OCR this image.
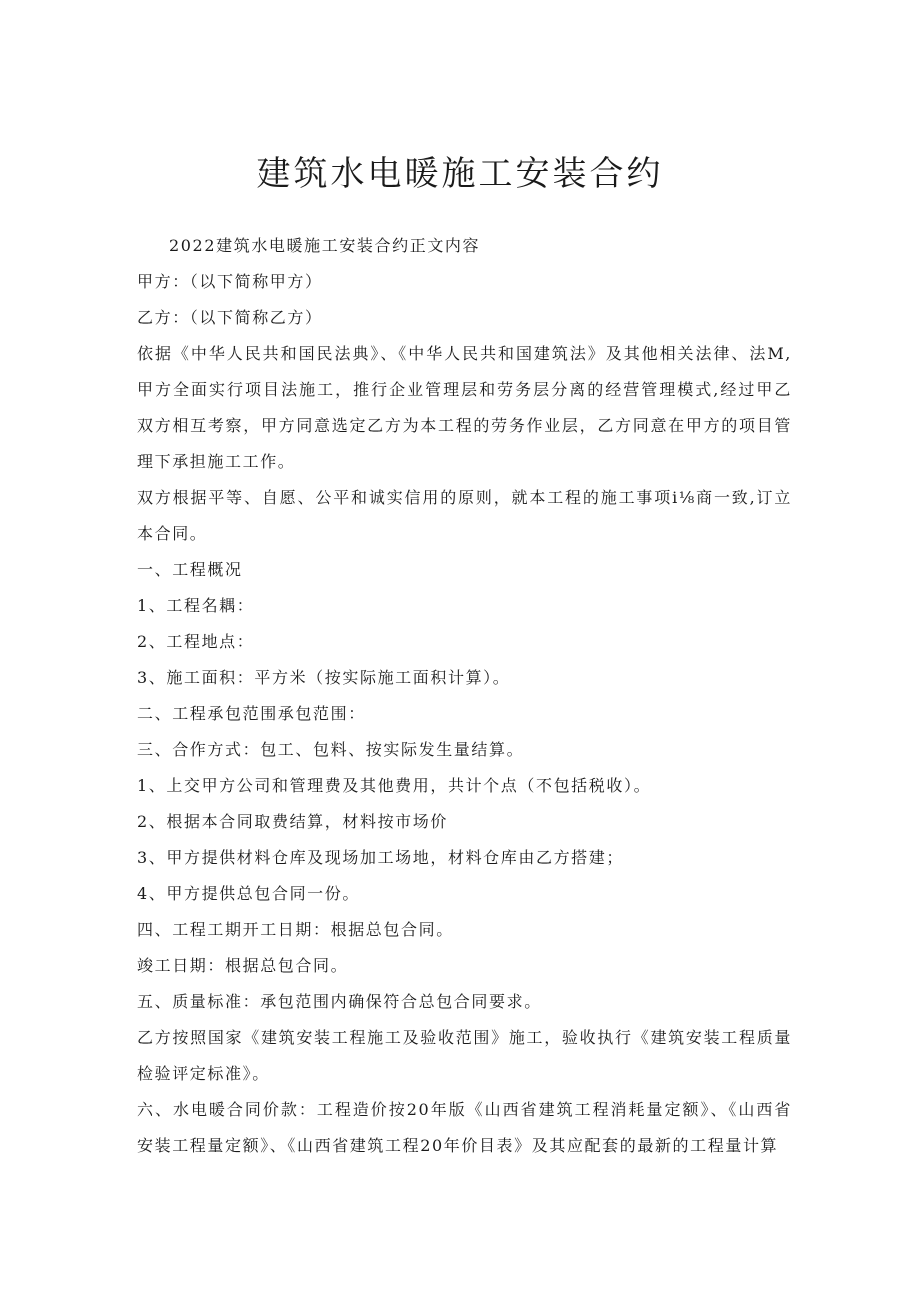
建筑水电暖施工安装合约

2022建筑水电暖施工安装合约正文内容

甲方：（以下简称甲方）

乙方：（以下简称乙方）

依据《中华人民共和国民法典》、《中华人民共和国建筑法》及其他相关法律、法M,甲方全面实行项目法施工，推行企业管理层和劳务层分离的经营管理模式,经过甲乙双方相互考察，甲方同意选定乙方为本工程的劳务作业层，乙方同意在甲方的项目管理下承担施工工作。

双方根据平等、自愿、公平和诚实信用的原则，就本工程的施工事项i⅛商一致,订立本合同。

一、工程概况

1、工程名耦：

2、工程地点：

3、施工面积：平方米（按实际施工面积计算）。

二、工程承包范围承包范围：

三、合作方式：包工、包料、按实际发生量结算。

1、上交甲方公司和管理费及其他费用，共计个点（不包括税收）。

2、根据本合同取费结算，材料按市场价

3、甲方提供材料仓库及现场加工场地，材料仓库由乙方搭建；

4、甲方提供总包合同一份。

四、工程工期开工日期：根据总包合同。

竣工日期：根据总包合同。

五、质量标准：承包范围内确保符合总包合同要求。

乙方按照国家《建筑安装工程施工及验收范围》施工，验收执行《建筑安装工程质量检验评定标准》。

六、水电暖合同价款：工程造价按20年版《山西省建筑工程消耗量定额》、《山西省安装工程量定额》、《山西省建筑工程20年价目表》及其应配套的最新的工程量计算
